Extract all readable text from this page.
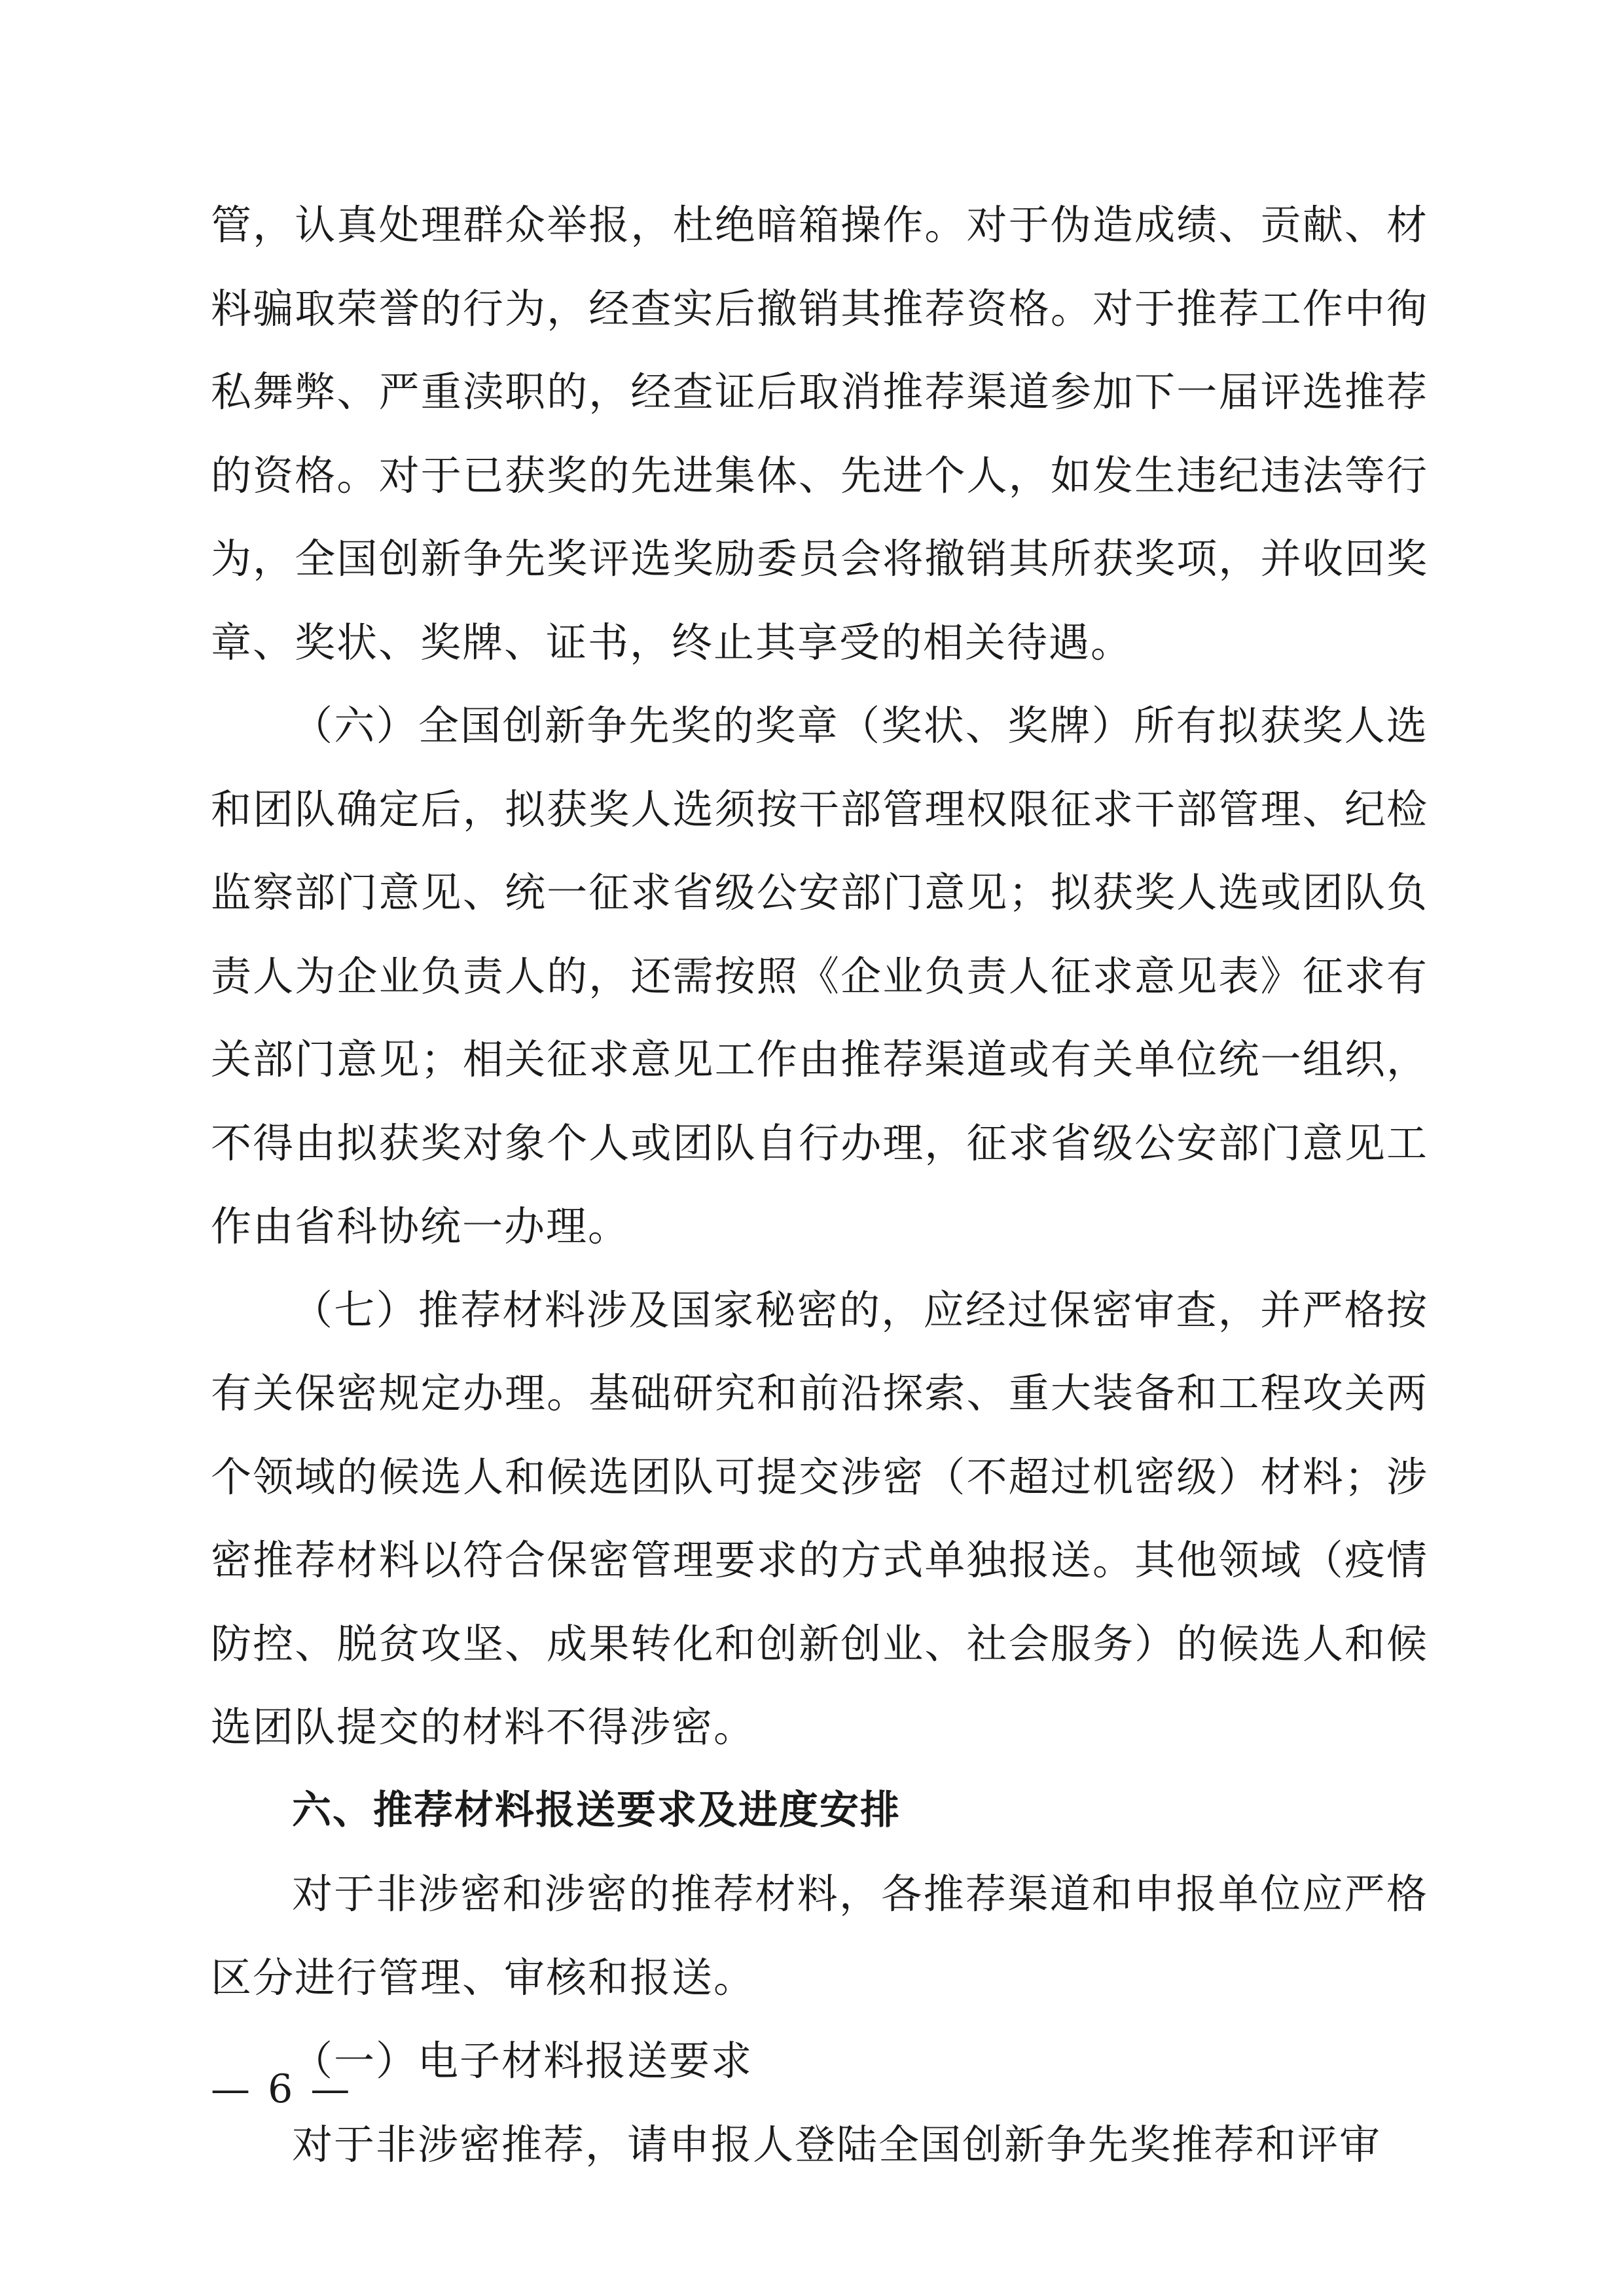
管，认真处理群众举报，杜绝暗箱操作。对于伪造成绩、贡献、材料骗取荣誉的行为，经查实后撤销其推荐资格。对于推荐工作中徇私舞弊、严重渎职的，经查证后取消推荐渠道参加下一届评选推荐的资格。对于已获奖的先进集体、先进个人，如发生违纪违法等行为，全国创新争先奖评选奖励委员会将撤销其所获奖项，并收回奖章、奖状、奖牌、证书，终止其享受的相关待遇。

（六）全国创新争先奖的奖章（奖状、奖牌）所有拟获奖人选和团队确定后，拟获奖人选须按干部管理权限征求干部管理、纪检监察部门意见、统一征求省级公安部门意见；拟获奖人选或团队负责人为企业负责人的，还需按照《企业负责人征求意见表》征求有关部门意见；相关征求意见工作由推荐渠道或有关单位统一组织，不得由拟获奖对象个人或团队自行办理，征求省级公安部门意见工作由省科协统一办理。

（七）推荐材料涉及国家秘密的，应经过保密审查，并严格按有关保密规定办理。基础研究和前沿探索、重大装备和工程攻关两个领域的候选人和候选团队可提交涉密（不超过机密级）材料；涉密推荐材料以符合保密管理要求的方式单独报送。其他领域（疫情防控、脱贫攻坚、成果转化和创新创业、社会服务）的候选人和候选团队提交的材料不得涉密。

六、推荐材料报送要求及进度安排

对于非涉密和涉密的推荐材料，各推荐渠道和申报单位应严格区分进行管理、审核和报送。

（一）电子材料报送要求

对于非涉密推荐，请申报人登陆全国创新争先奖推荐和评审

— 6 —
